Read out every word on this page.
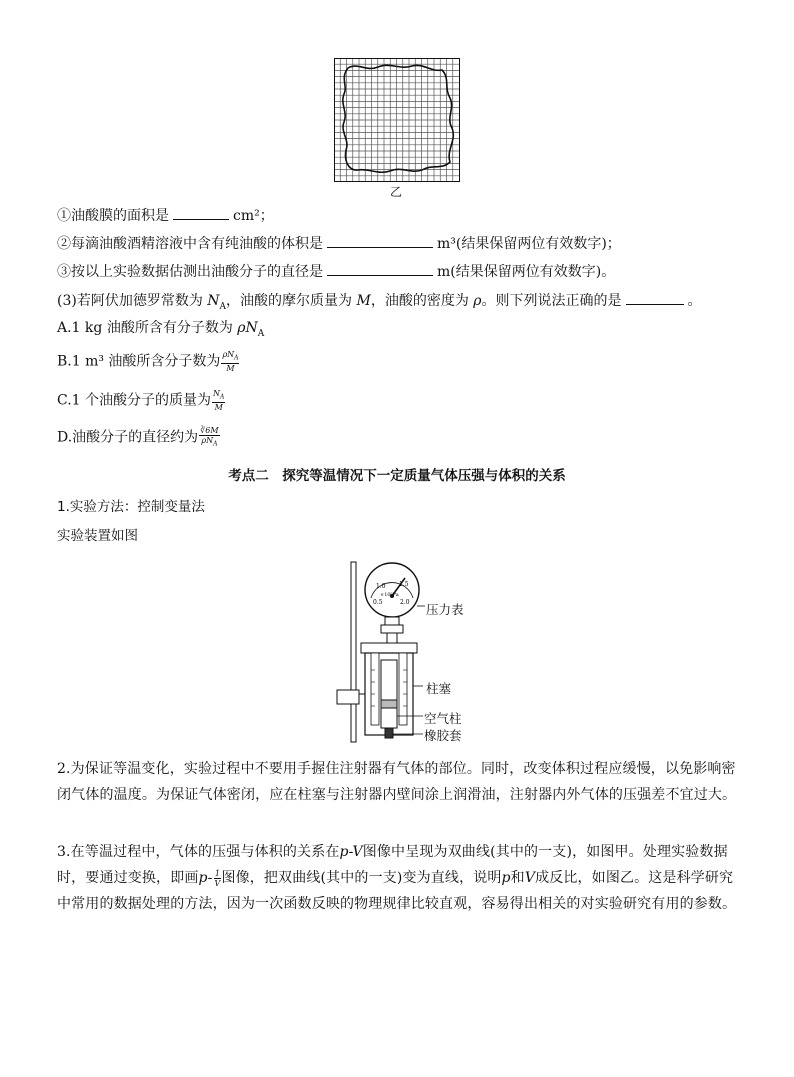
乙
①油酸膜的面积是	cm²；
②每滴油酸酒精溶液中含有纯油酸的体积是	m³(结果保留两位有效数字)；
③按以上实验数据估测出油酸分子的直径是	m(结果保留两位有效数字)。
(3)若阿伏加德罗常数为 $N_A$，油酸的摩尔质量为 M，油酸的密度为 ρ。则下列说法正确的是	。
A.1 kg 油酸所含有分子数为 $\rho N_A$
B.1 m³ 油酸所含分子数为 $\frac{\rho N_A}{M}$
C.1 个油酸分子的质量为 $\frac{N_A}{M}$
D.油酸分子的直径约为 $\frac{∛6M}{\rho N_A}$
考点二　探究等温情况下一定质量气体压强与体积的关系
1.实验方法：控制变量法
实验装置如图
0.5
1.0
×10⁵Pa
1.5
2.0 压力表
柱塞
空气柱
橡胶套
2.为保证等温变化，实验过程中不要用手握住注射器有气体的部位。同时，改变体积过程应缓慢，以免影响密闭气体的温度。为保证气体密闭，应在柱塞与注射器内壁间涂上润滑油，注射器内外气体的压强差不宜过大。
3.在等温过程中，气体的压强与体积的关系在p-V图像中呈现为双曲线(其中的一支)，如图甲。处理实验数据时，要通过变换，即画$p- \frac{1}{V}$ 图像，把双曲线(其中的一支)变为直线，说明p和V成反比，如图乙。这是科学研究中常用的数据处理的方法，因为一次函数反映的物理规律比较直观，容易得出相关的对实验研究有用的参数。
